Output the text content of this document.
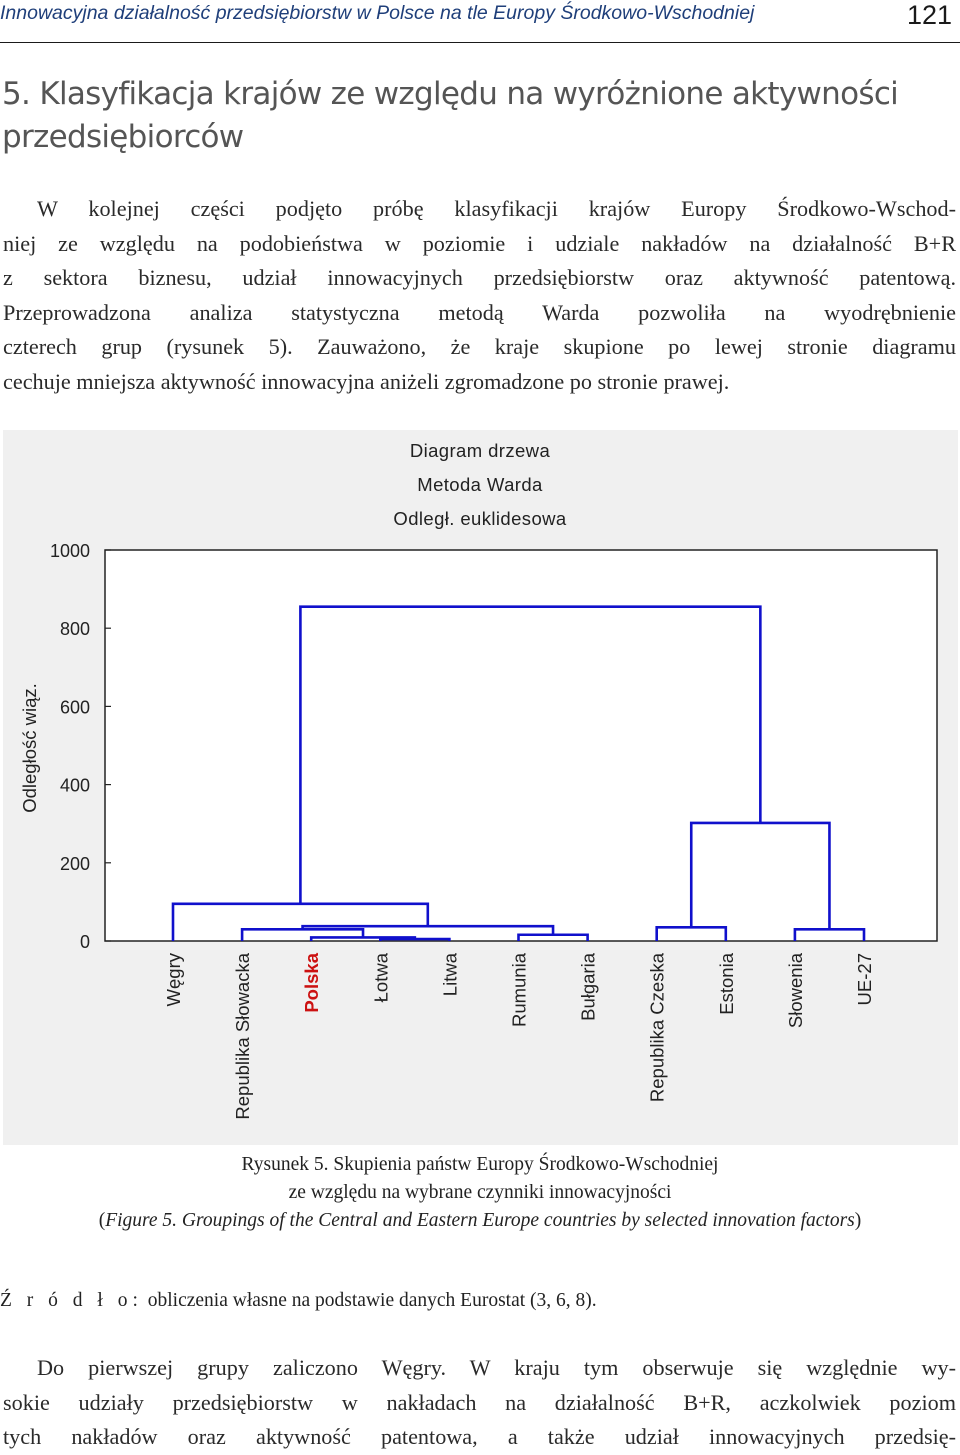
Innowacyjna działalność przedsiębiorstw w Polsce na tle Europy Środkowo-Wschodniej	121
5. Klasyfikacja krajów ze względu na wyróżnione aktywności
przedsiębiorców
W kolejnej części podjęto próbę klasyfikacji krajów Europy Środkowo-Wschod-
niej ze względu na podobieństwa w poziomie i udziale nakładów na działalność B+R
z sektora biznesu, udział innowacyjnych przedsiębiorstw oraz aktywność patentową.
Przeprowadzona analiza statystyczna metodą Warda pozwoliła na wyodrębnienie
czterech grup (rysunek 5). Zauważono, że kraje skupione po lewej stronie diagramu
cechuje mniejsza aktywność innowacyjna aniżeli zgromadzone po stronie prawej.
Diagram drzewa
Metoda Warda
Odległ. euklidesowa
0
200
400
600
800
1000
Odległość wiąz.
Węgry	Republika Słowacka	Polska	Łotwa	Litwa	Rumunia	Bułgaria	Republika Czeska	Estonia	Słowenia	UE-27
Rysunek 5. Skupienia państw Europy Środkowo-Wschodniej
ze względu na wybrane czynniki innowacyjności
(Figure 5. Groupings of the Central and Eastern Europe countries by selected innovation factors)
Ź r ó d ł o: obliczenia własne na podstawie danych Eurostat (3, 6, 8).
Do pierwszej grupy zaliczono Węgry. W kraju tym obserwuje się względnie wy-
sokie udziały przedsiębiorstw w nakładach na działalność B+R, aczkolwiek poziom
tych nakładów oraz aktywność patentowa, a także udział innowacyjnych przedsię-
